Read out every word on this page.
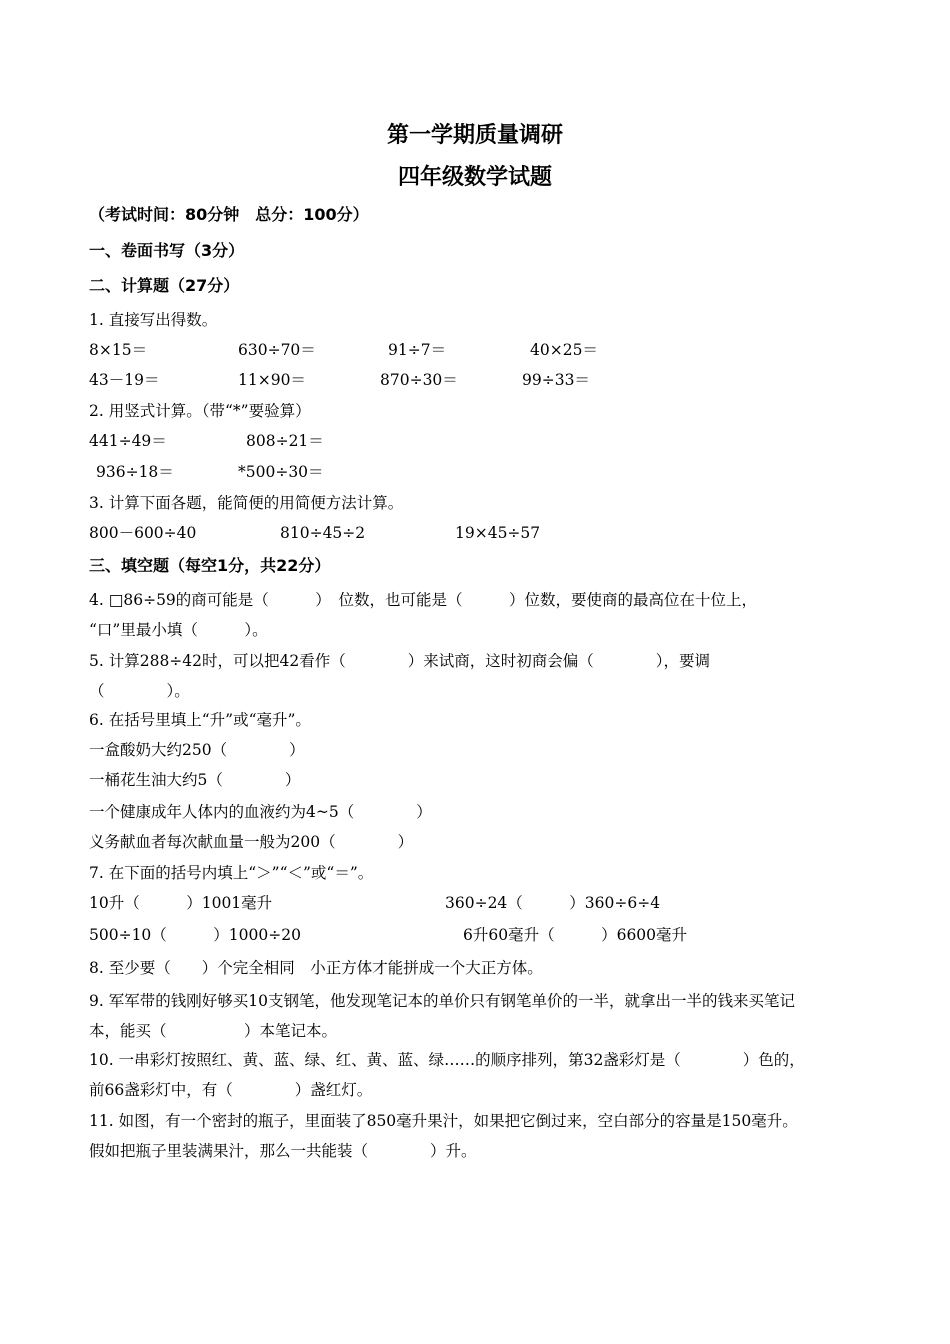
第一学期质量调研
四年级数学试题
（考试时间：80分钟　总分：100分）
一、卷面书写（3分）
二、计算题（27分）
1. 直接写出得数。
8×15＝	630÷70＝	91÷7＝	40×25＝
43－19＝	11×90＝	870÷30＝	99÷33＝
2. 用竖式计算。（带“*”要验算）
441÷49＝	808÷21＝
936÷18＝	*500÷30＝
3. 计算下面各题，能简便的用简便方法计算。
800－600÷40	810÷45÷2	19×45÷57
三、填空题（每空1分，共22分）
4. □86÷59的商可能是（　　　）　位数，也可能是（　　　）位数，要使商的最高位在十位上，
“口”里最小填（　　　）。
5. 计算288÷42时，可以把42看作（　　　　）来试商，这时初商会偏（　　　　），要调
（　　　　）。
6. 在括号里填上“升”或“毫升”。
一盒酸奶大约250（　　　　）
一桶花生油大约5（　　　　）
一个健康成年人体内的血液约为4~5（　　　　）
义务献血者每次献血量一般为200（　　　　）
7. 在下面的括号内填上“＞”“＜”或“＝”。
10升（　　　）1001毫升	360÷24（　　　）360÷6÷4
500÷10（　　　）1000÷20	6升60毫升（　　　）6600毫升
8. 至少要（　　）个完全相同　小正方体才能拼成一个大正方体。
9. 军军带的钱刚好够买10支钢笔，他发现笔记本的单价只有钢笔单价的一半，就拿出一半的钱来买笔记
本，能买（　　　　　）本笔记本。
10. 一串彩灯按照红、黄、蓝、绿、红、黄、蓝、绿……的顺序排列，第32盏彩灯是（　　　　）色的，
前66盏彩灯中，有（　　　　）盏红灯。
11. 如图，有一个密封的瓶子，里面装了850毫升果汁，如果把它倒过来，空白部分的容量是150毫升。
假如把瓶子里装满果汁，那么一共能装（　　　　）升。
